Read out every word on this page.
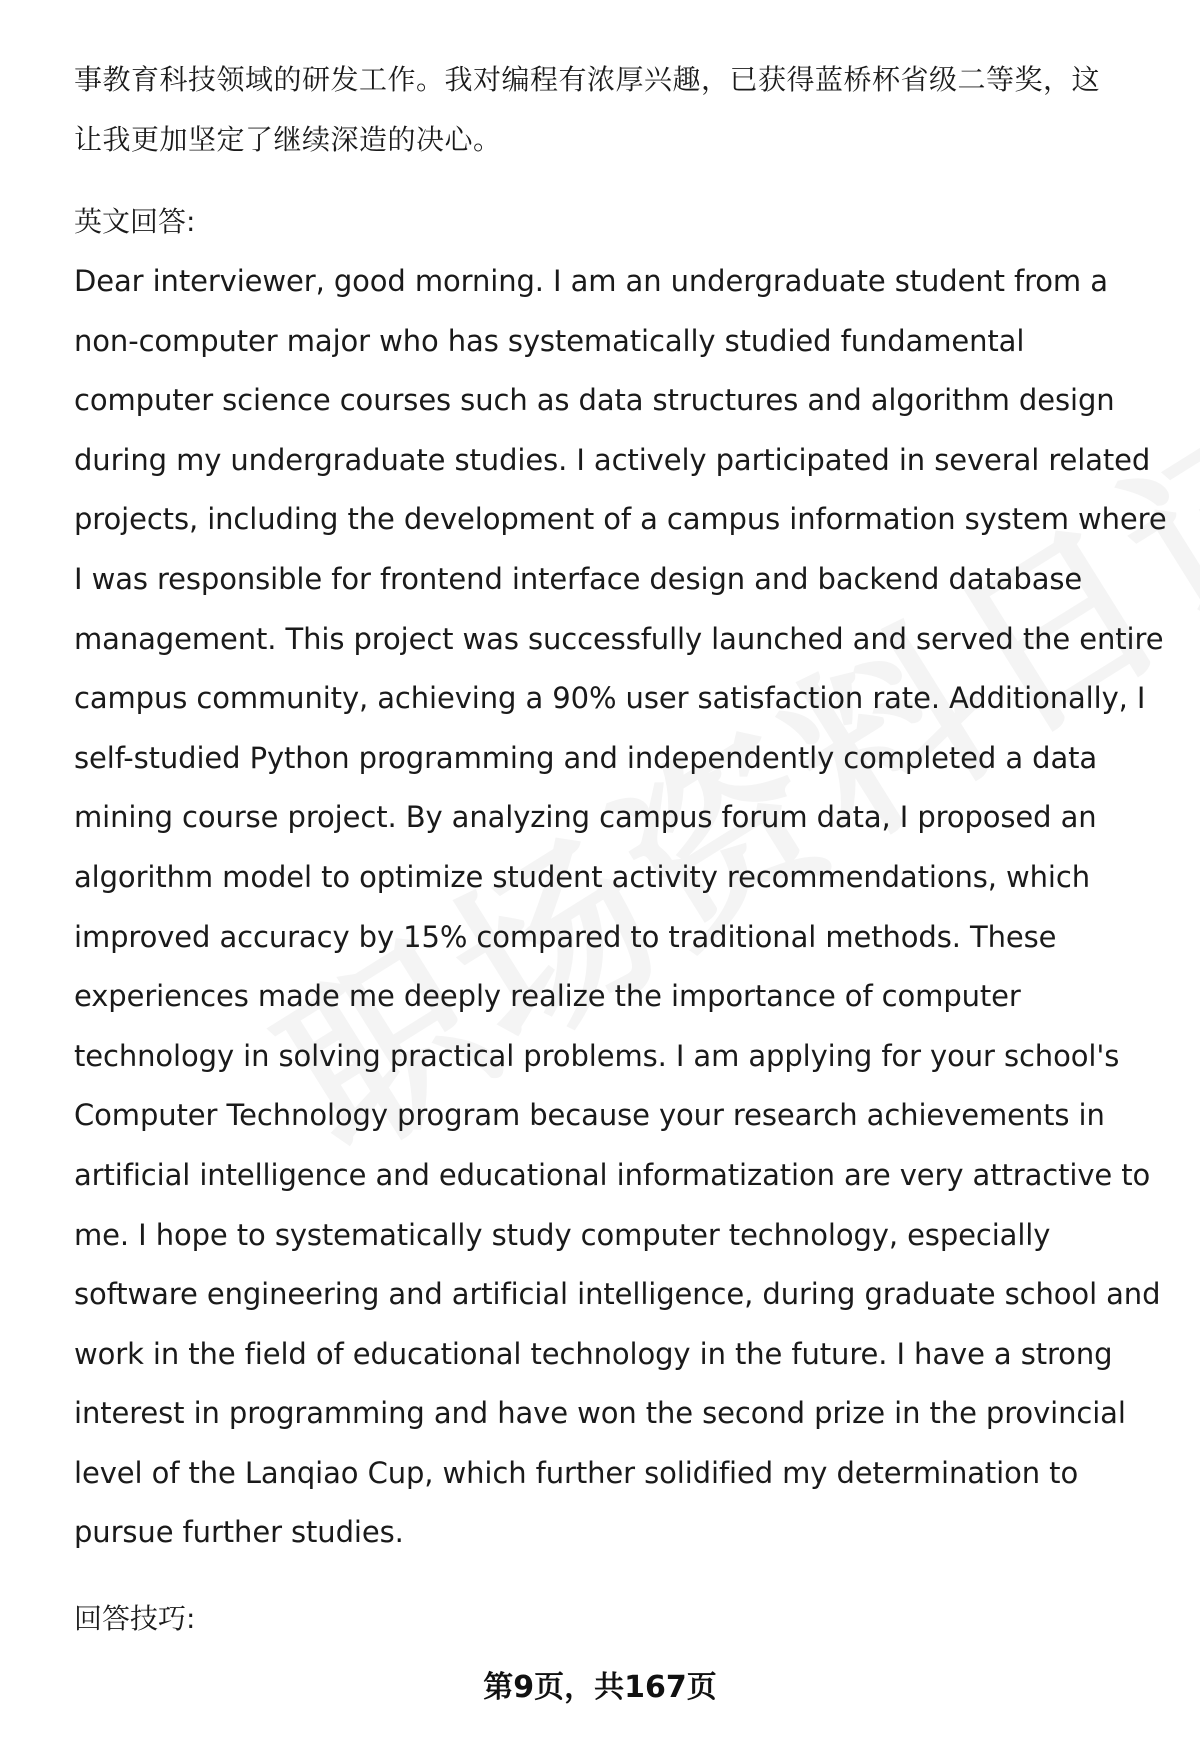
事教育科技领域的研发工作。我对编程有浓厚兴趣，已获得蓝桥杯省级二等奖，这
让我更加坚定了继续深造的决心。

英文回答:

Dear interviewer, good morning. I am an undergraduate student from a
non-computer major who has systematically studied fundamental
computer science courses such as data structures and algorithm design
during my undergraduate studies. I actively participated in several related
projects, including the development of a campus information system where
I was responsible for frontend interface design and backend database
management. This project was successfully launched and served the entire
campus community, achieving a 90% user satisfaction rate. Additionally, I
self-studied Python programming and independently completed a data
mining course project. By analyzing campus forum data, I proposed an
algorithm model to optimize student activity recommendations, which
improved accuracy by 15% compared to traditional methods. These
experiences made me deeply realize the importance of computer
technology in solving practical problems. I am applying for your school's
Computer Technology program because your research achievements in
artificial intelligence and educational informatization are very attractive to
me. I hope to systematically study computer technology, especially
software engineering and artificial intelligence, during graduate school and
work in the field of educational technology in the future. I have a strong
interest in programming and have won the second prize in the provincial
level of the Lanqiao Cup, which further solidified my determination to
pursue further studies.

回答技巧:

第9页，共167页
